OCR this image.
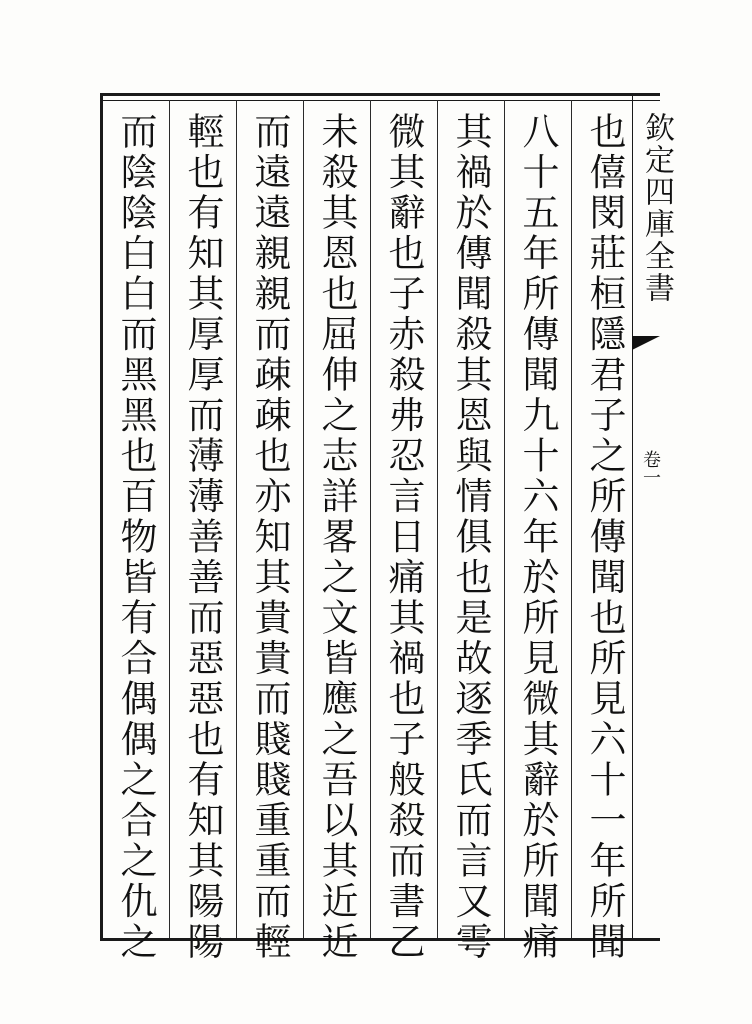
欽定四庫全書
卷一
也僖閔莊桓隱君子之所傳聞也所見六十一年所聞
八十五年所傳聞九十六年於所見微其辭於所聞痛
其禍於傳聞殺其恩與情俱也是故逐季氏而言又雩
微其辭也子赤殺弗忍言日痛其禍也子般殺而書乙
未殺其恩也屈伸之志詳畧之文皆應之吾以其近近
而遠遠親親而疎疎也亦知其貴貴而賤賤重重而輕
輕也有知其厚厚而薄薄善善而惡惡也有知其陽陽
而陰陰白白而黑黑也百物皆有合偶偶之合之仇之
